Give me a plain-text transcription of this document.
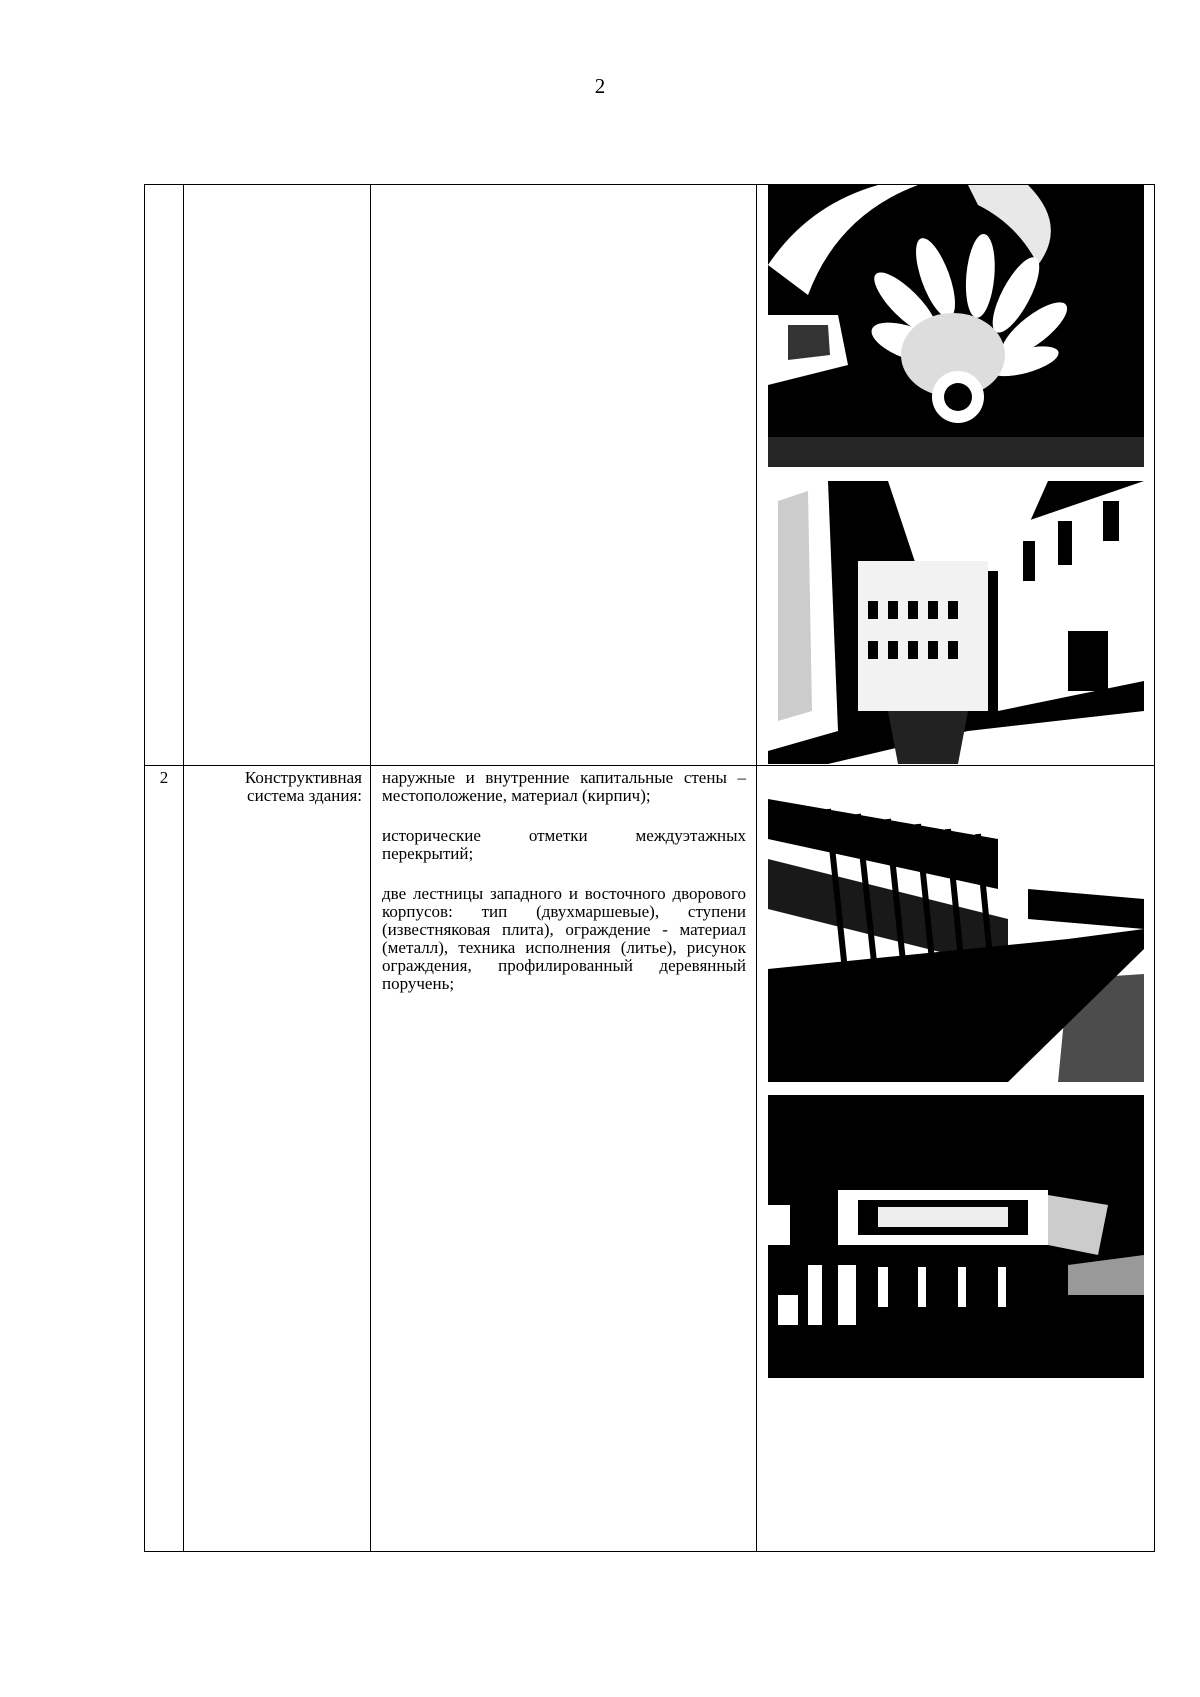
2

2	Конструктивная система здания:	наружные и внутренние капитальные стены – местоположение, материал (кирпич);

исторические отметки междуэтажных перекрытий;

две лестницы западного и восточного дворового корпусов: тип (двухмаршевые), ступени (известняковая плита), ограждение - материал (металл), техника исполнения (литье), рисунок ограждения, профилированный деревянный поручень;
